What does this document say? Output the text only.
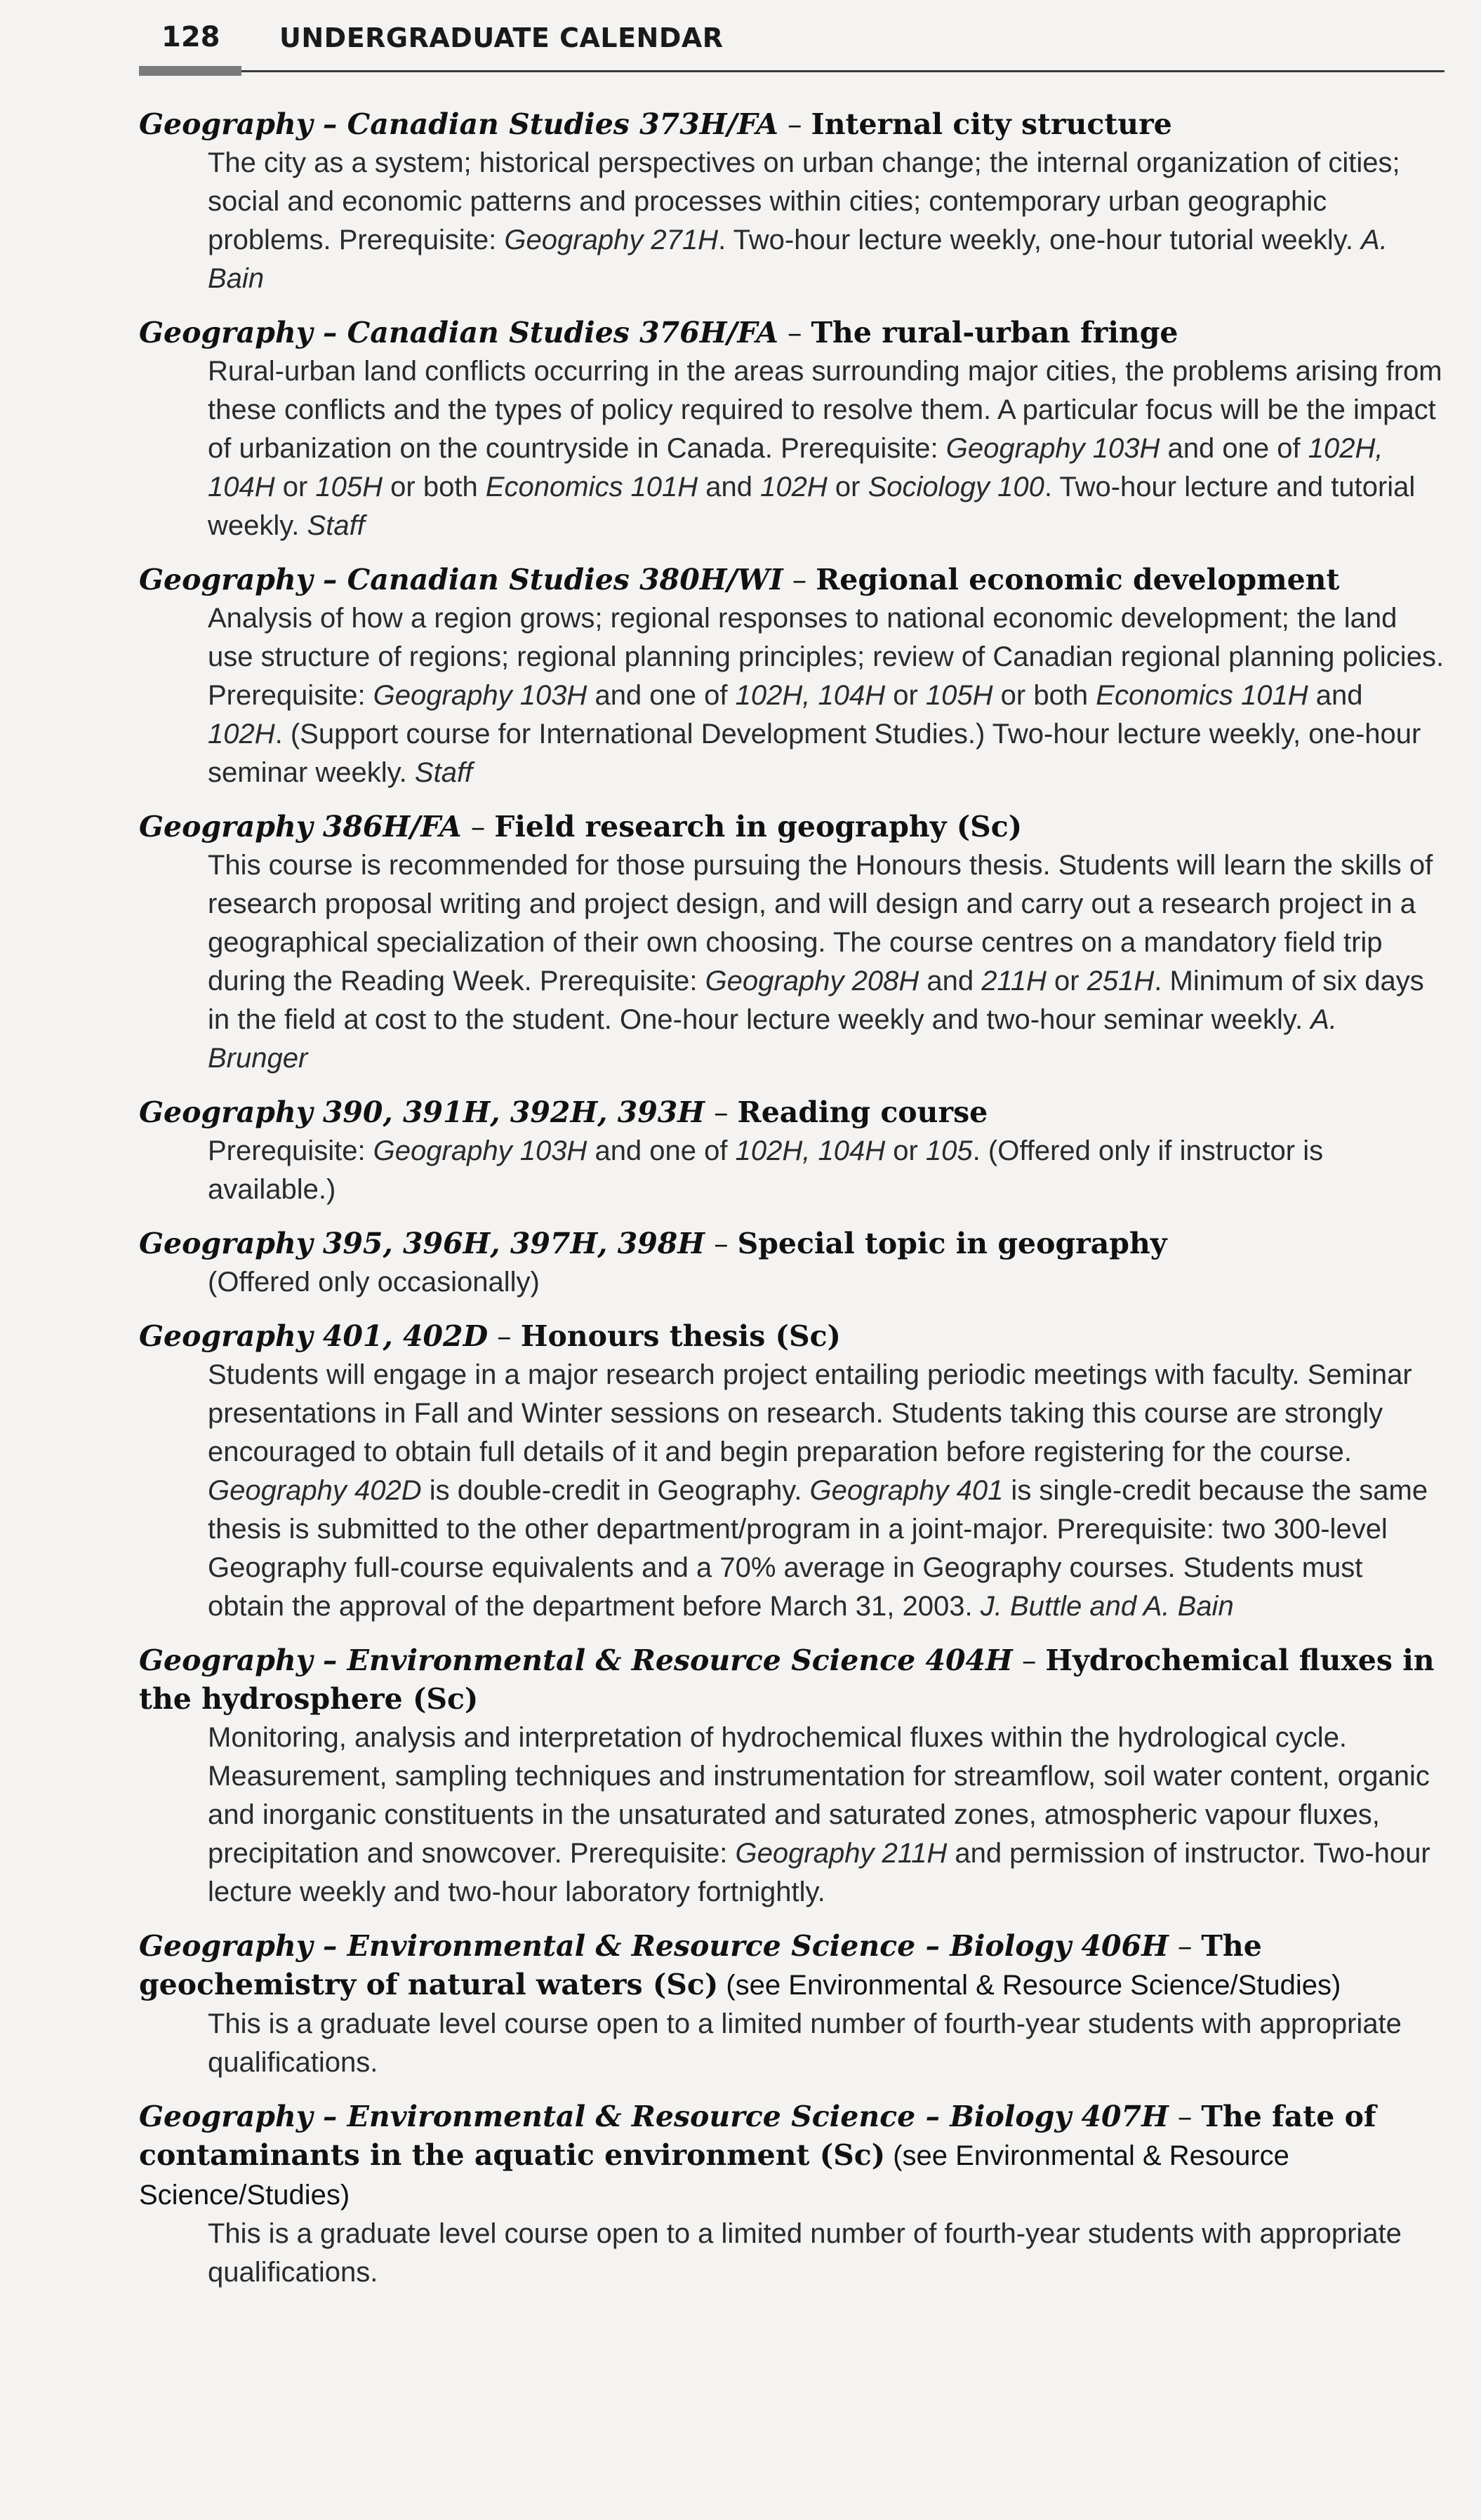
128 UNDERGRADUATE CALENDAR
Geography – Canadian Studies 373H/FA – Internal city structure
The city as a system; historical perspectives on urban change; the internal organization of cities; social and economic patterns and processes within cities; contemporary urban geographic problems. Prerequisite: Geography 271H. Two-hour lecture weekly, one-hour tutorial weekly. A. Bain
Geography – Canadian Studies 376H/FA – The rural-urban fringe
Rural-urban land conflicts occurring in the areas surrounding major cities, the problems arising from these conflicts and the types of policy required to resolve them. A particular focus will be the impact of urbanization on the countryside in Canada. Prerequisite: Geography 103H and one of 102H, 104H or 105H or both Economics 101H and 102H or Sociology 100. Two-hour lecture and tutorial weekly. Staff
Geography – Canadian Studies 380H/WI – Regional economic development
Analysis of how a region grows; regional responses to national economic development; the land use structure of regions; regional planning principles; review of Canadian regional planning policies. Prerequisite: Geography 103H and one of 102H, 104H or 105H or both Economics 101H and 102H. (Support course for International Development Studies.) Two-hour lecture weekly, one-hour seminar weekly. Staff
Geography 386H/FA – Field research in geography (Sc)
This course is recommended for those pursuing the Honours thesis. Students will learn the skills of research proposal writing and project design, and will design and carry out a research project in a geographical specialization of their own choosing. The course centres on a mandatory field trip during the Reading Week. Prerequisite: Geography 208H and 211H or 251H. Minimum of six days in the field at cost to the student. One-hour lecture weekly and two-hour seminar weekly. A. Brunger
Geography 390, 391H, 392H, 393H – Reading course
Prerequisite: Geography 103H and one of 102H, 104H or 105. (Offered only if instructor is available.)
Geography 395, 396H, 397H, 398H – Special topic in geography
(Offered only occasionally)
Geography 401, 402D – Honours thesis (Sc)
Students will engage in a major research project entailing periodic meetings with faculty. Seminar presentations in Fall and Winter sessions on research. Students taking this course are strongly encouraged to obtain full details of it and begin preparation before registering for the course. Geography 402D is double-credit in Geography. Geography 401 is single-credit because the same thesis is submitted to the other department/program in a joint-major. Prerequisite: two 300-level Geography full-course equivalents and a 70% average in Geography courses. Students must obtain the approval of the department before March 31, 2003. J. Buttle and A. Bain
Geography – Environmental & Resource Science 404H – Hydrochemical fluxes in the hydrosphere (Sc)
Monitoring, analysis and interpretation of hydrochemical fluxes within the hydrological cycle. Measurement, sampling techniques and instrumentation for streamflow, soil water content, organic and inorganic constituents in the unsaturated and saturated zones, atmospheric vapour fluxes, precipitation and snowcover. Prerequisite: Geography 211H and permission of instructor. Two-hour lecture weekly and two-hour laboratory fortnightly.
Geography – Environmental & Resource Science – Biology 406H – The geochemistry of natural waters (Sc) (see Environmental & Resource Science/Studies)
This is a graduate level course open to a limited number of fourth-year students with appropriate qualifications.
Geography – Environmental & Resource Science – Biology 407H – The fate of contaminants in the aquatic environment (Sc) (see Environmental & Resource Science/Studies)
This is a graduate level course open to a limited number of fourth-year students with appropriate qualifications.
